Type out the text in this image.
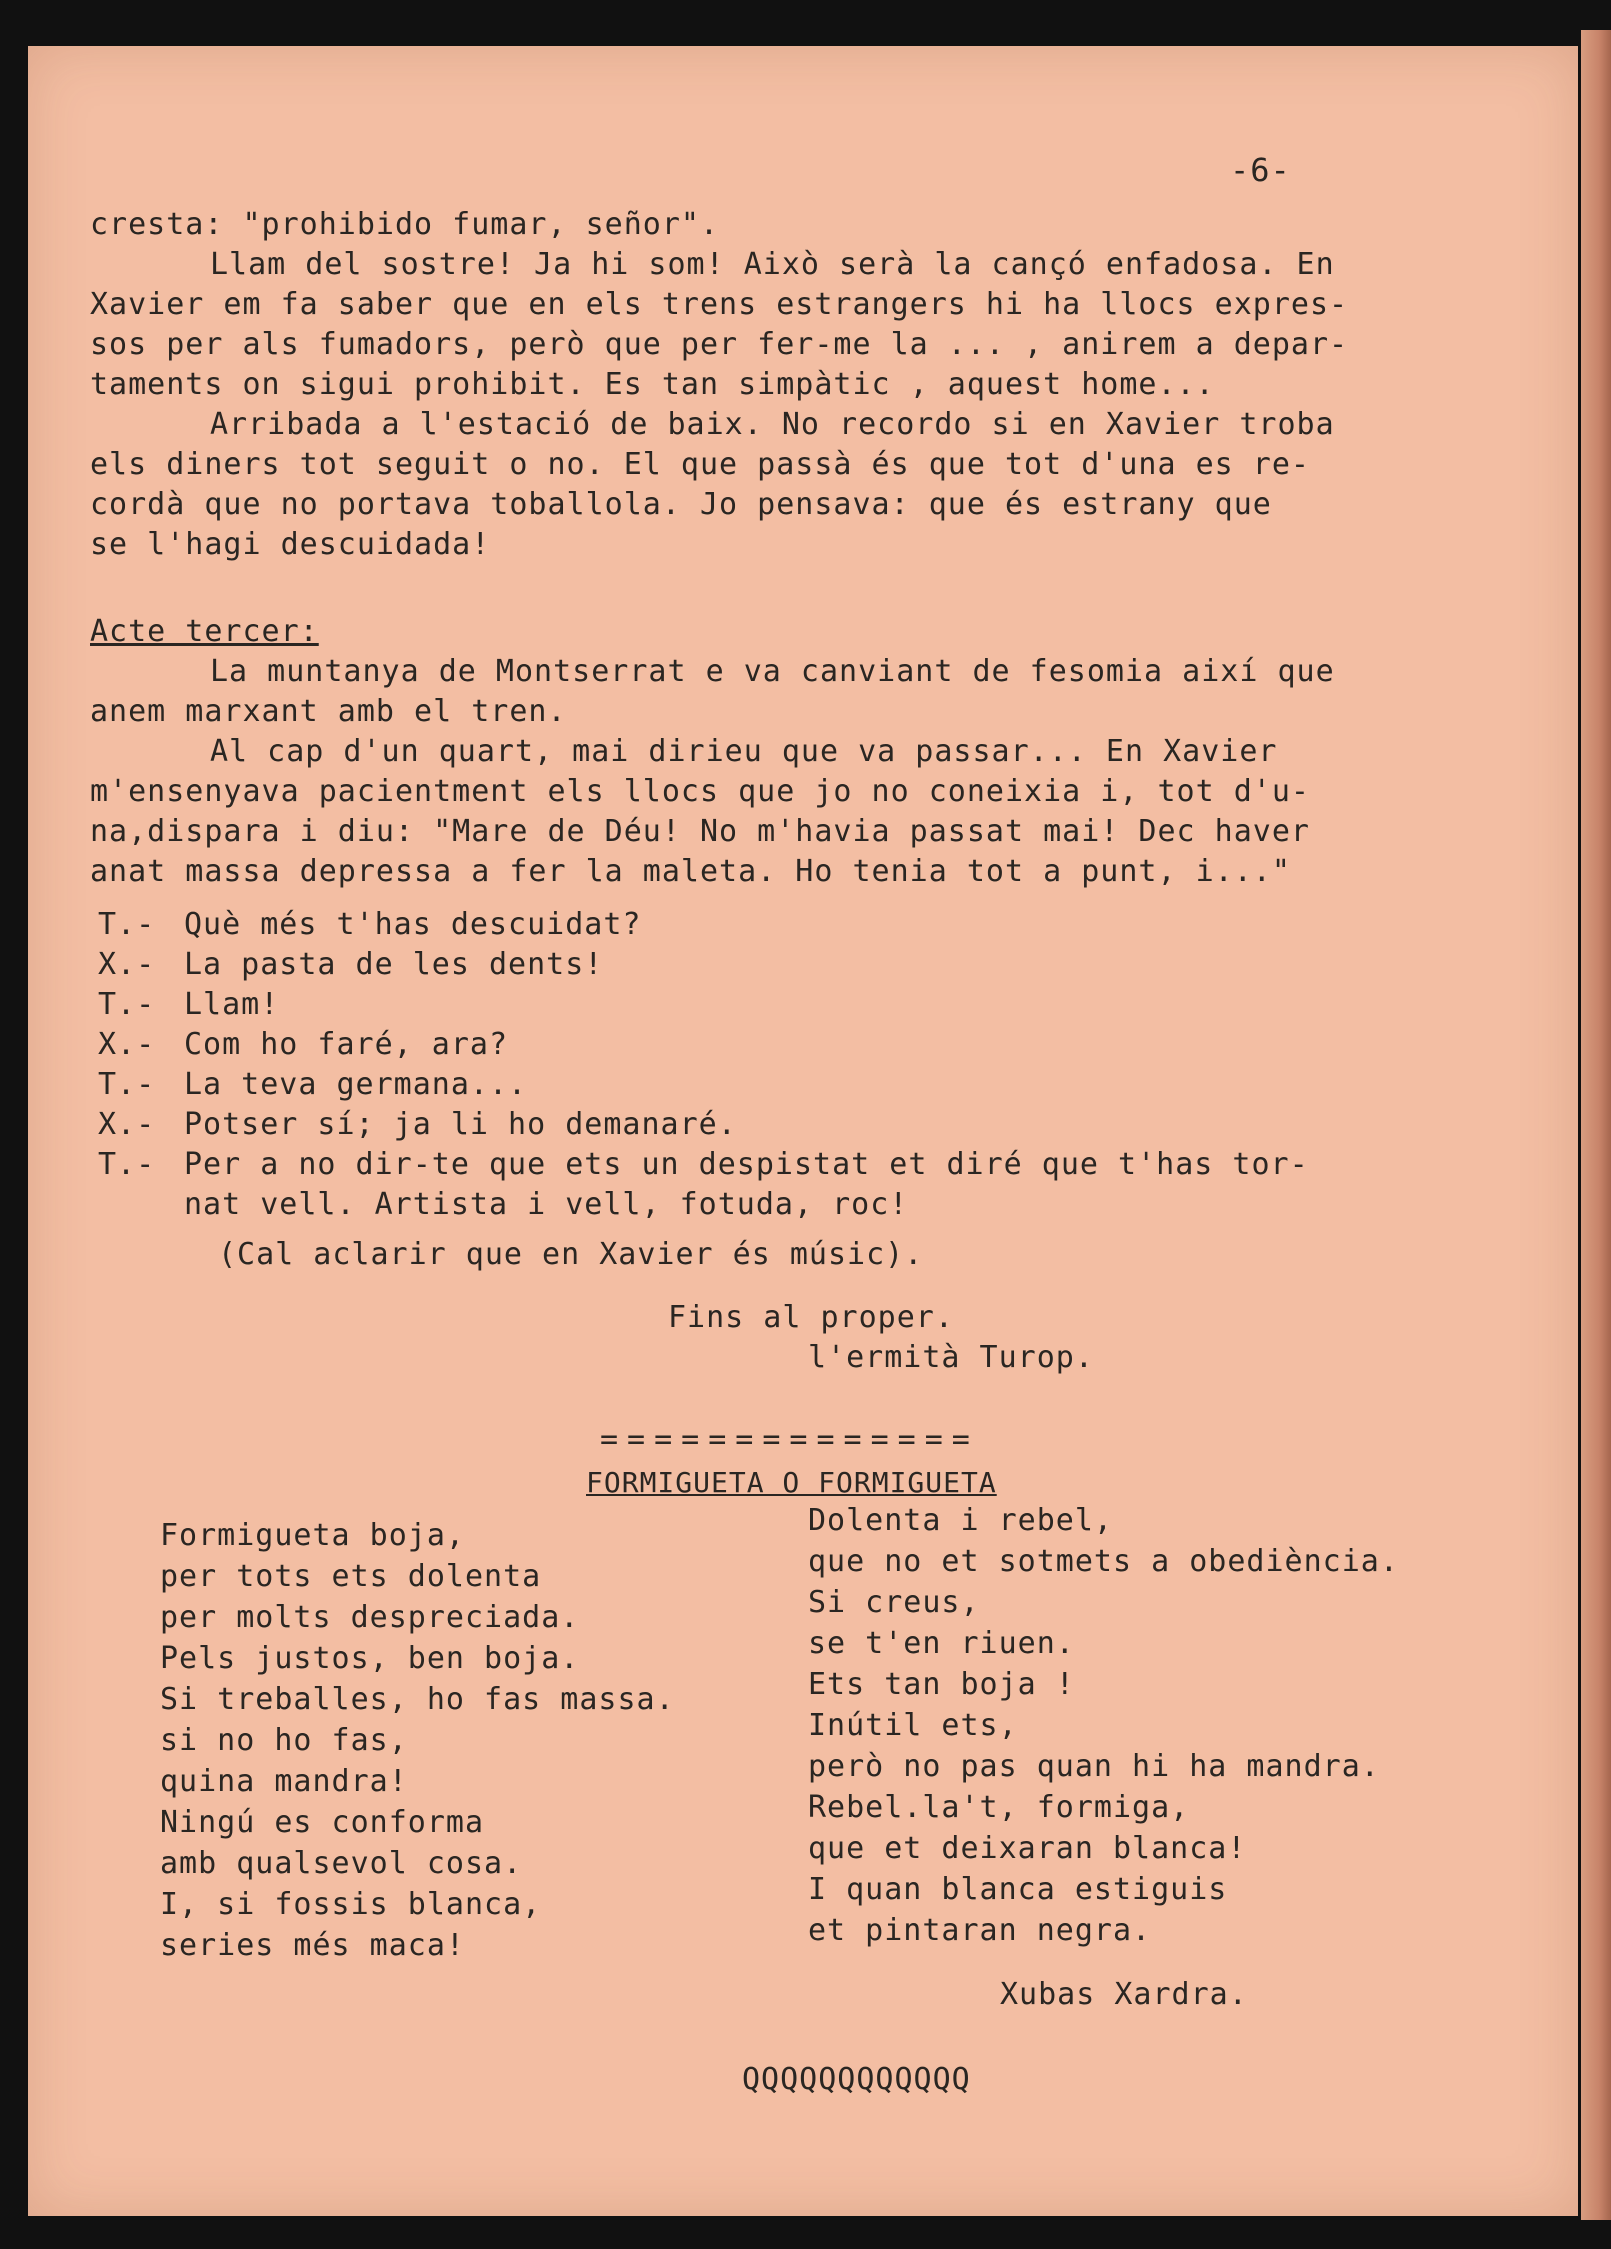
-6-
cresta: "prohibido fumar, señor".
Llam del sostre! Ja hi som! Això serà la cançó enfadosa. En
Xavier em fa saber que en els trens estrangers hi ha llocs expres-
sos per als fumadors, però que per fer-me la ... , anirem a depar-
taments on sigui prohibit. Es tan simpàtic , aquest home...
Arribada a l'estació de baix. No recordo si en Xavier troba
els diners tot seguit o no. El que passà és que tot d'una es re-
cordà que no portava toballola. Jo pensava: que és estrany que
se l'hagi descuidada!
Acte tercer:
La muntanya de Montserrat e va canviant de fesomia així que
anem marxant amb el tren.
Al cap d'un quart, mai dirieu que va passar... En Xavier
m'ensenyava pacientment els llocs que jo no coneixia i, tot d'u-
na,dispara i diu: "Mare de Déu! No m'havia passat mai! Dec haver
anat massa depressa a fer la maleta. Ho tenia tot a punt, i..."
T.- Què més t'has descuidat?
X.- La pasta de les dents!
T.- Llam!
X.- Com ho faré, ara?
T.- La teva germana...
X.- Potser sí; ja li ho demanaré.
T.- Per a no dir-te que ets un despistat et diré que t'has tor-
nat vell. Artista i vell, fotuda, roc!
(Cal aclarir que en Xavier és músic).
Fins al proper.
l'ermità Turop.
==============
FORMIGUETA O FORMIGUETA
Formigueta boja,
per tots ets dolenta
per molts despreciada.
Pels justos, ben boja.
Si treballes, ho fas massa.
si no ho fas,
quina mandra!
Ningú es conforma
amb qualsevol cosa.
I, si fossis blanca,
series més maca!
Dolenta i rebel,
que no et sotmets a obediència.
Si creus,
se t'en riuen.
Ets tan boja !
Inútil ets,
però no pas quan hi ha mandra.
Rebel.la't, formiga,
que et deixaran blanca!
I quan blanca estiguis
et pintaran negra.
Xubas Xardra.
QQQQQQQQQQQQ
